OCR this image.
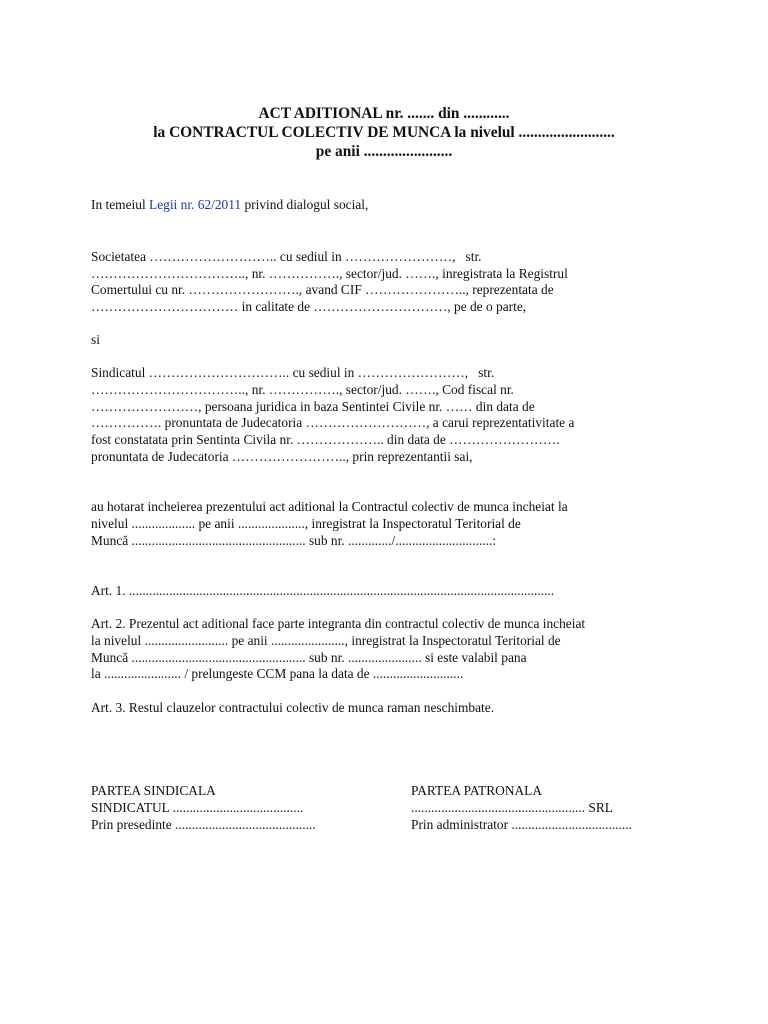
ACT ADITIONAL nr. ....... din ............
la CONTRACTUL COLECTIV DE MUNCA la nivelul .........................
pe anii .......................
In temeiul Legii nr. 62/2011 privind dialogul social,
Societatea ……………………….. cu sediul in ……………………,   str.
…………………………….., nr. ……………., sector/jud. ……., inregistrata la Registrul
Comertului cu nr. ……………………., avand CIF ………………….., reprezentata de
…………………………… in calitate de …………………………, pe de o parte,
si
Sindicatul ………………………….. cu sediul in ……………………,   str.
…………………………….., nr. ……………., sector/jud. ……., Cod fiscal nr.
……………………, persoana juridica in baza Sentintei Civile nr. …… din data de
……………. pronuntata de Judecatoria ………………………, a carui reprezentativitate a
fost constatata prin Sentinta Civila nr. ……………….. din data de …………………….
pronuntata de Judecatoria …………………….., prin reprezentantii sai,
au hotarat incheierea prezentului act aditional la Contractul colectiv de munca incheiat la
nivelul ................... pe anii ...................., inregistrat la Inspectoratul Teritorial de
Muncă .................................................... sub nr. ............./.............................:
Art. 1. ...............................................................................................................................
Art. 2. Prezentul act aditional face parte integranta din contractul colectiv de munca incheiat
la nivelul ......................... pe anii ......................, inregistrat la Inspectoratul Teritorial de
Muncă .................................................... sub nr. ...................... si este valabil pana
la ....................... / prelungeste CCM pana la data de ...........................
Art. 3. Restul clauzelor contractului colectiv de munca raman neschimbate.
PARTEA SINDICALA
SINDICATUL .......................................
Prin presedinte ..........................................
PARTEA PATRONALA
.................................................... SRL
Prin administrator ....................................
